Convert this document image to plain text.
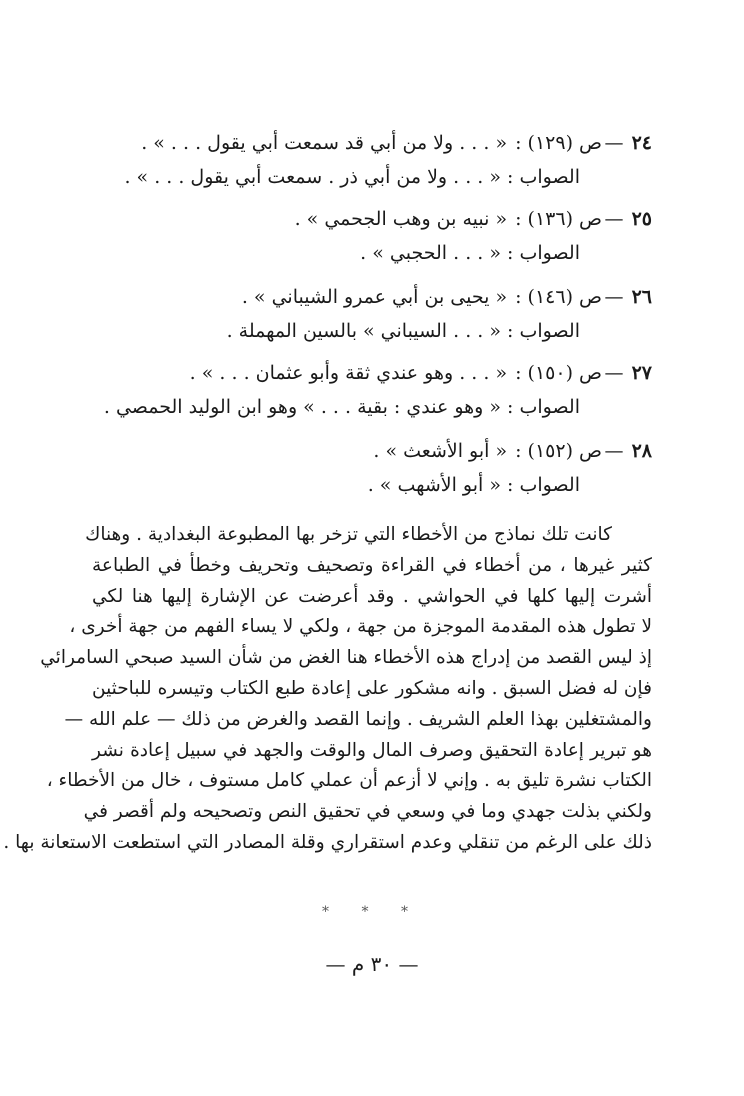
٢٤
—
ص (١٢٩) :
« . . . ولا من أبي قد سمعت أبي يقول . . . » .
الصواب : « . . . ولا من أبي ذر . سمعت أبي يقول . . . » .
٢٥
—
ص (١٣٦) :
« نبيه بن وهب الجحمي » .
الصواب : « . . . الحجبي » .
٢٦
—
ص (١٤٦) :
« يحيى بن أبي عمرو الشيباني » .
الصواب : « . . . السيباني » بالسين المهملة .
٢٧
—
ص (١٥٠) :
« . . . وهو عندي ثقة وأبو عثمان . . . » .
الصواب : « وهو عندي : بقية . . . » وهو ابن الوليد الحمصي .
٢٨
—
ص (١٥٢) :
« أبو الأشعث » .
الصواب : « أبو الأشهب » .

كانت تلك نماذج من الأخطاء التي تزخر بها المطبوعة البغدادية . وهناك
كثير غيرها ، من أخطاء في القراءة وتصحيف وتحريف وخطأ في الطباعة
أشرت إليها كلها في الحواشي . وقد أعرضت عن الإشارة إليها هنا لكي
لا تطول هذه المقدمة الموجزة من جهة ، ولكي لا يساء الفهم من جهة أخرى ،
إذ ليس القصد من إدراج هذه الأخطاء هنا الغض من شأن السيد صبحي السامرائي
فإن له فضل السبق . وانه مشكور على إعادة طبع الكتاب وتيسره للباحثين
والمشتغلين بهذا العلم الشريف . وإنما القصد والغرض من ذلك — علم الله —
هو تبرير إعادة التحقيق وصرف المال والوقت والجهد في سبيل إعادة نشر
الكتاب نشرة تليق به . وإني لا أزعم أن عملي كامل مستوف ، خال من الأخطاء ،
ولكني بذلت جهدي وما في وسعي في تحقيق النص وتصحيحه ولم أقصر في
ذلك على الرغم من تنقلي وعدم استقراري وقلة المصادر التي استطعت الاستعانة بها .

* * *
— ٣٠ م —
